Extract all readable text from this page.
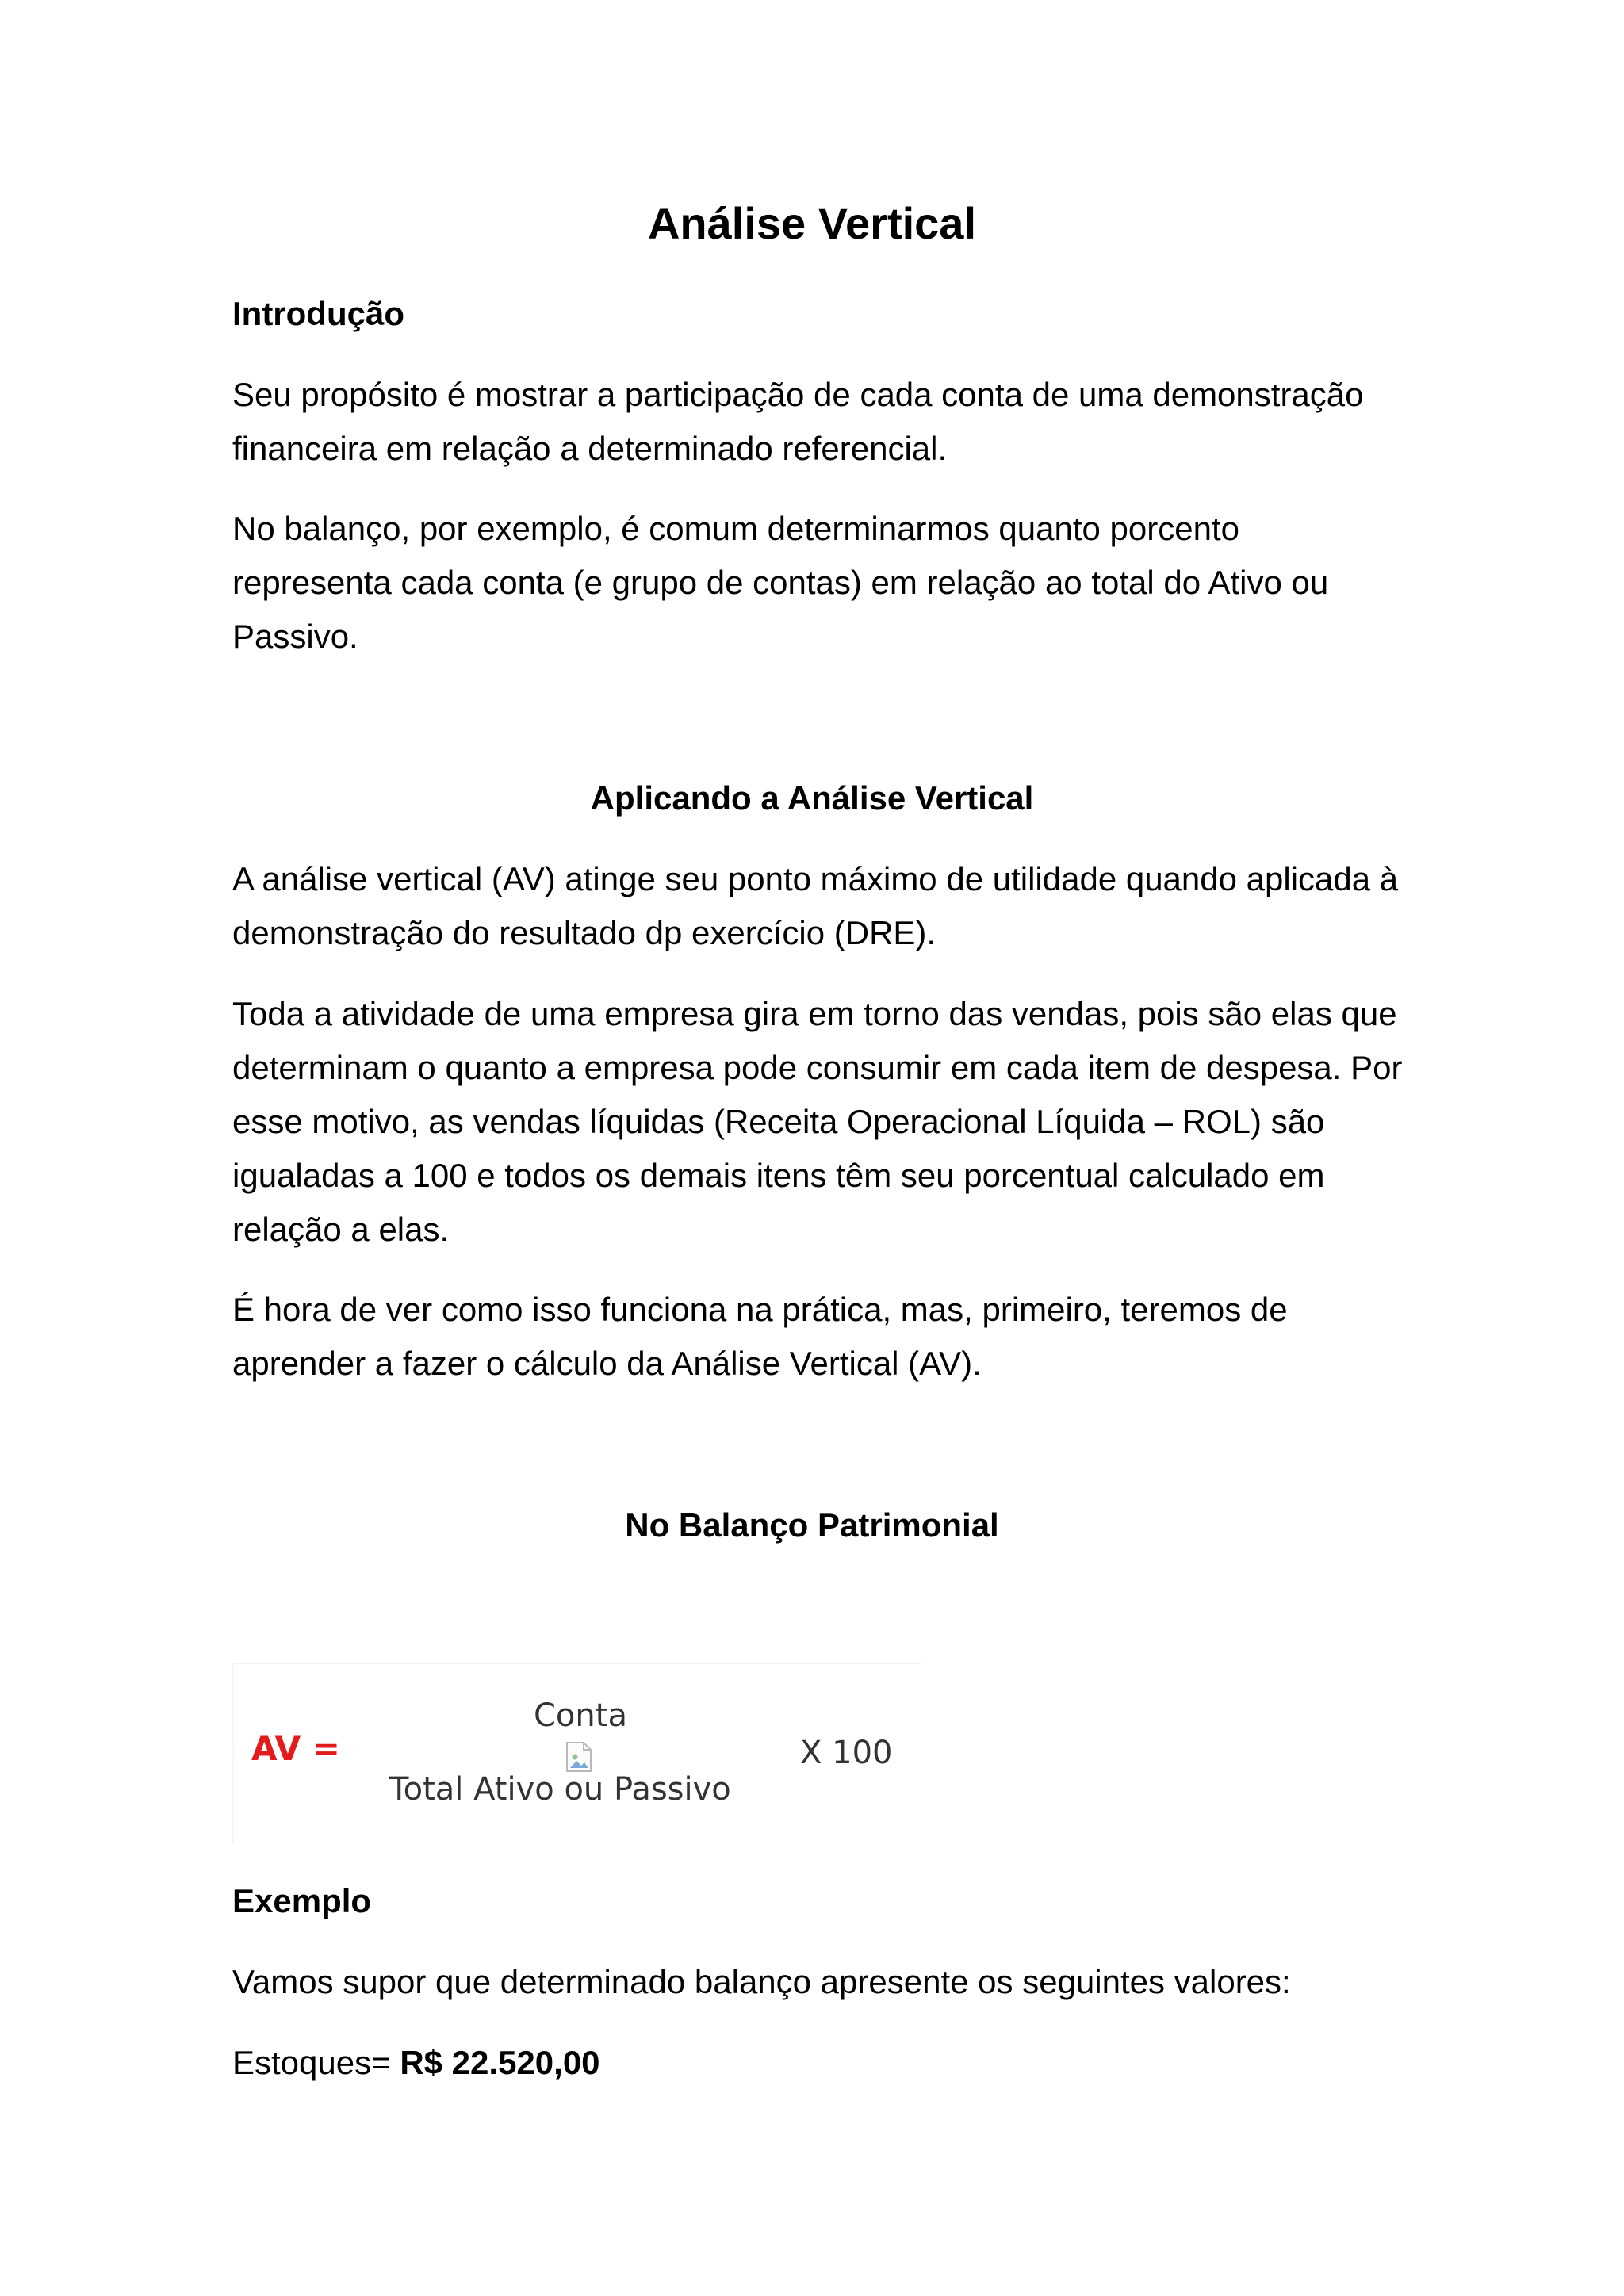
Análise Vertical
Introdução

Seu propósito é mostrar a participação de cada conta de uma demonstração financeira em relação a determinado referencial.

No balanço, por exemplo, é comum determinarmos quanto porcento representa cada conta (e grupo de contas) em relação ao total do Ativo ou Passivo.

Aplicando a Análise Vertical

A análise vertical (AV) atinge seu ponto máximo de utilidade quando aplicada à demonstração do resultado dp exercício (DRE).

Toda a atividade de uma empresa gira em torno das vendas, pois são elas que determinam o quanto a empresa pode consumir em cada item de despesa. Por esse motivo, as vendas líquidas (Receita Operacional Líquida – ROL) são igualadas a 100 e todos os demais itens têm seu porcentual calculado em relação a elas.

É hora de ver como isso funciona na prática, mas, primeiro, teremos de aprender a fazer o cálculo da Análise Vertical (AV).

No Balanço Patrimonial
AV =
Conta
Total Ativo ou Passivo
X 100
Exemplo

Vamos supor que determinado balanço apresente os seguintes valores:

Estoques= R$ 22.520,00
